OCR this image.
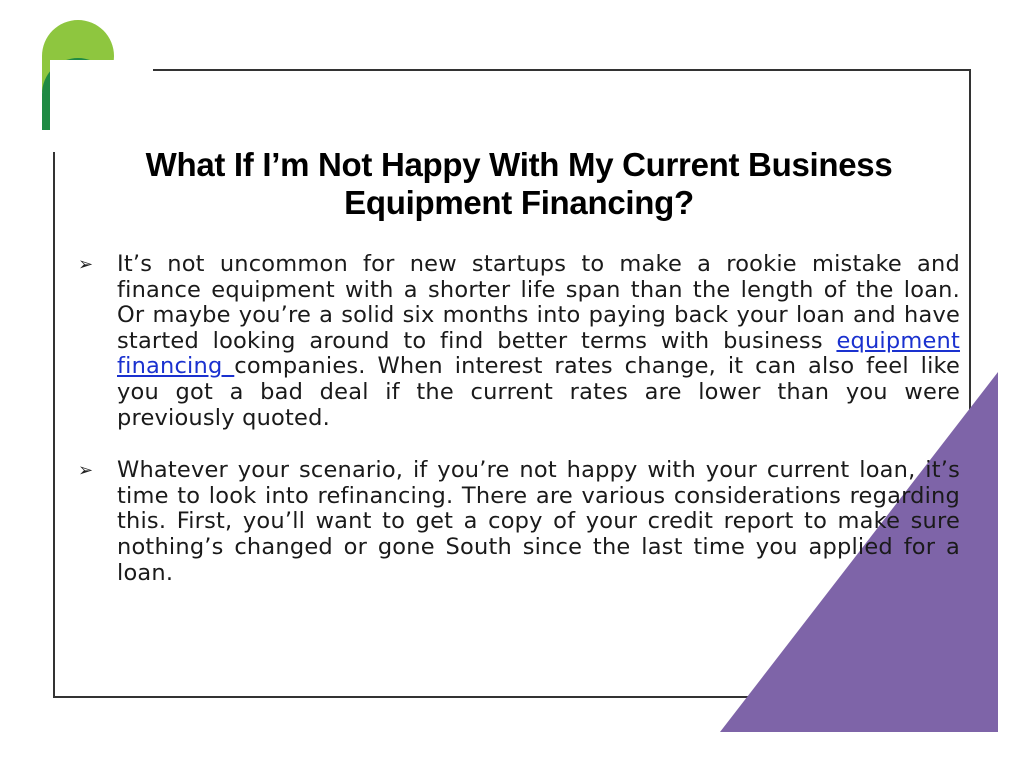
What If I’m Not Happy With My Current Business Equipment Financing?
➢ It’s not uncommon for new startups to make a rookie mistake and finance equipment with a shorter life span than the length of the loan. Or maybe you’re a solid six months into paying back your loan and have started looking around to find better terms with business equipment financing companies. When interest rates change, it can also feel like you got a bad deal if the current rates are lower than you were previously quoted.

➢ Whatever your scenario, if you’re not happy with your current loan, it’s time to look into refinancing. There are various considerations regarding this. First, you’ll want to get a copy of your credit report to make sure nothing’s changed or gone South since the last time you applied for a loan.
